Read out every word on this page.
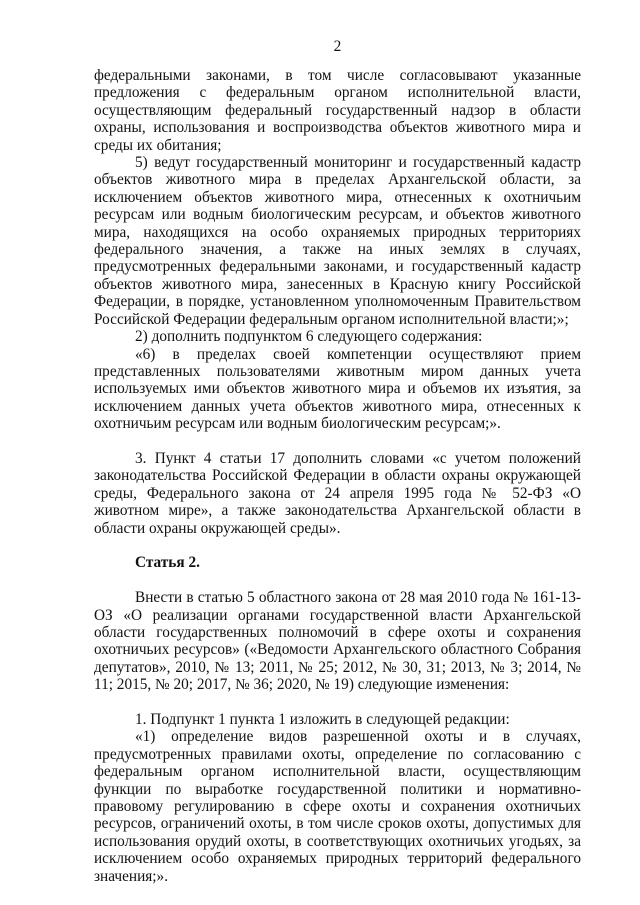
2

федеральными законами, в том числе согласовывают указанные предложения с федеральным органом исполнительной власти, осуществляющим федеральный государственный надзор в области охраны, использования и воспроизводства объектов животного мира и среды их обитания;

5) ведут государственный мониторинг и государственный кадастр объектов животного мира в пределах Архангельской области, за исключением объектов животного мира, отнесенных к охотничьим ресурсам или водным биологическим ресурсам, и объектов животного мира, находящихся на особо охраняемых природных территориях федерального значения, а также на иных землях в случаях, предусмотренных федеральными законами, и государственный кадастр объектов животного мира, занесенных в Красную книгу Российской Федерации, в порядке, установленном уполномоченным Правительством Российской Федерации федеральным органом исполнительной власти;»;

2) дополнить подпунктом 6 следующего содержания:

«6) в пределах своей компетенции осуществляют прием представленных пользователями животным миром данных учета используемых ими объектов животного мира и объемов их изъятия, за исключением данных учета объектов животного мира, отнесенных к охотничьим ресурсам или водным биологическим ресурсам;».

3. Пункт 4 статьи 17 дополнить словами «с учетом положений законодательства Российской Федерации в области охраны окружающей среды, Федерального закона от 24 апреля 1995 года № 52-ФЗ «О животном мире», а также законодательства Архангельской области в области охраны окружающей среды».

Статья 2.

Внести в статью 5 областного закона от 28 мая 2010 года № 161-13-ОЗ «О реализации органами государственной власти Архангельской области государственных полномочий в сфере охоты и сохранения охотничьих ресурсов» («Ведомости Архангельского областного Собрания депутатов», 2010, № 13; 2011, № 25; 2012, № 30, 31; 2013, № 3; 2014, № 11; 2015, № 20; 2017, № 36; 2020, № 19) следующие изменения:

1. Подпункт 1 пункта 1 изложить в следующей редакции:

«1) определение видов разрешенной охоты и в случаях, предусмотренных правилами охоты, определение по согласованию с федеральным органом исполнительной власти, осуществляющим функции по выработке государственной политики и нормативно-правовому регулированию в сфере охоты и сохранения охотничьих ресурсов, ограничений охоты, в том числе сроков охоты, допустимых для использования орудий охоты, в соответствующих охотничьих угодьях, за исключением особо охраняемых природных территорий федерального значения;».
